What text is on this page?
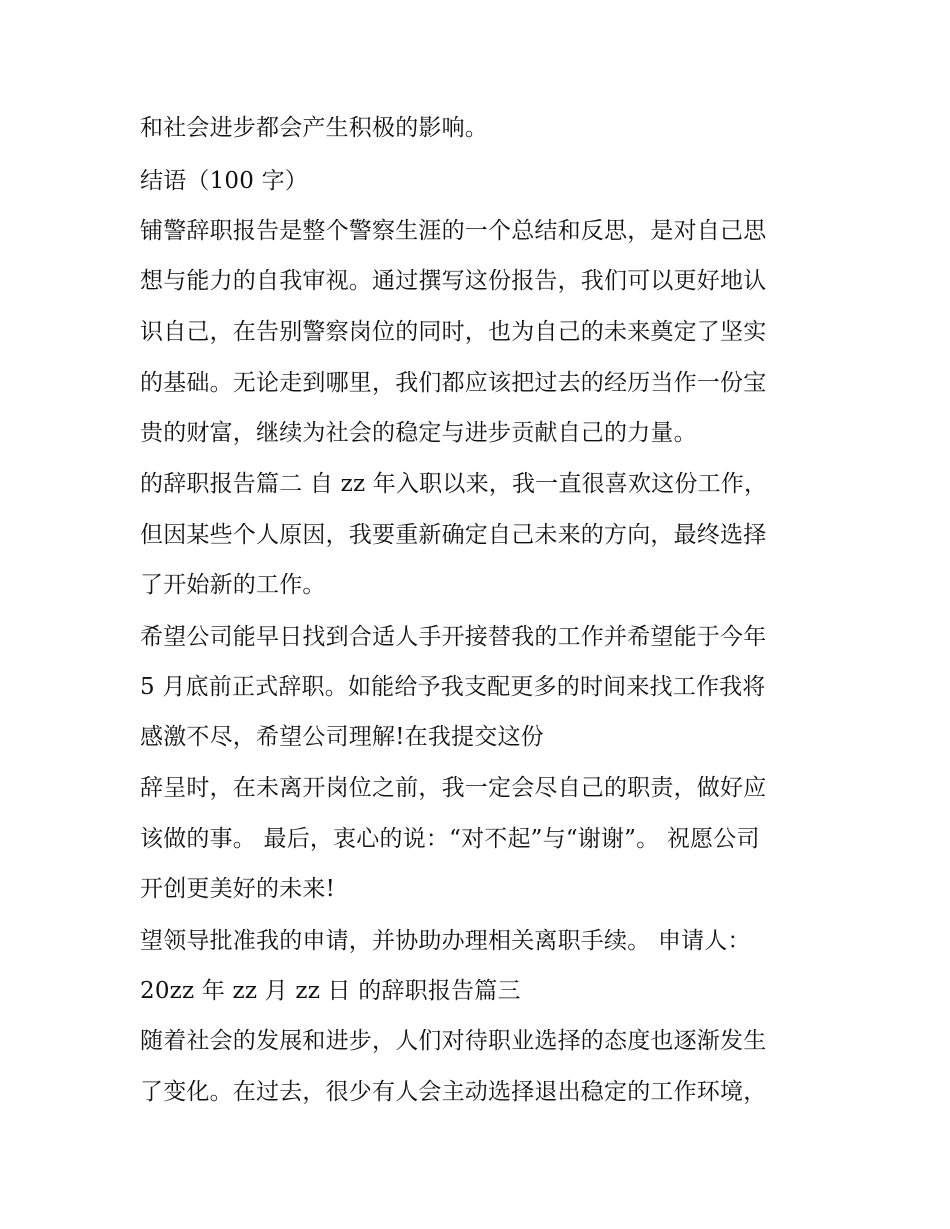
和社会进步都会产生积极的影响。
结语（100 字）
铺警辞职报告是整个警察生涯的一个总结和反思，是对自己思
想与能力的自我审视。通过撰写这份报告，我们可以更好地认
识自己，在告别警察岗位的同时，也为自己的未来奠定了坚实
的基础。无论走到哪里，我们都应该把过去的经历当作一份宝
贵的财富，继续为社会的稳定与进步贡献自己的力量。
的辞职报告篇二 自 zz 年入职以来，我一直很喜欢这份工作，
但因某些个人原因，我要重新确定自己未来的方向，最终选择
了开始新的工作。
希望公司能早日找到合适人手开接替我的工作并希望能于今年
5 月底前正式辞职。如能给予我支配更多的时间来找工作我将
感激不尽，希望公司理解!在我提交这份
辞呈时，在未离开岗位之前，我一定会尽自己的职责，做好应
该做的事。 最后，衷心的说：“对不起”与“谢谢”。 祝愿公司
开创更美好的未来!
望领导批准我的申请，并协助办理相关离职手续。 申请人：
20zz 年 zz 月 zz 日 的辞职报告篇三
随着社会的发展和进步，人们对待职业选择的态度也逐渐发生
了变化。在过去，很少有人会主动选择退出稳定的工作环境，
